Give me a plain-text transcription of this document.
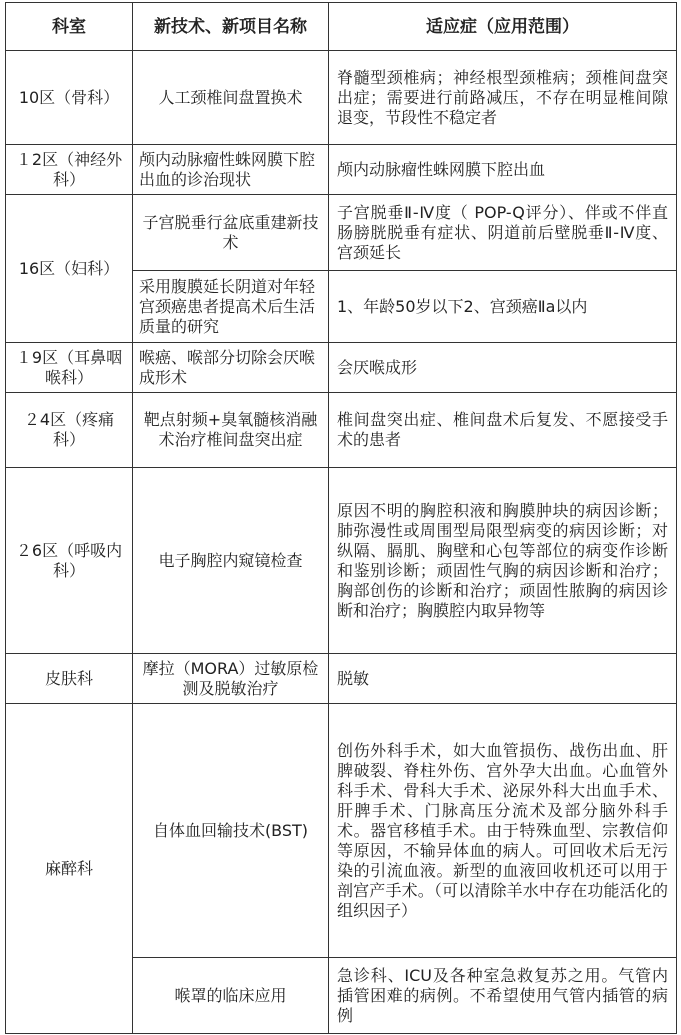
科室	新技术、新项目名称	适应症（应用范围）
10区（骨科）	人工颈椎间盘置换术	脊髓型颈椎病；神经根型颈椎病；颈椎间盘突出症；需要进行前路减压，不存在明显椎间隙退变，节段性不稳定者
１2区（神经外科）	颅内动脉瘤性蛛网膜下腔出血的诊治现状	颅内动脉瘤性蛛网膜下腔出血
16区（妇科）	子宫脱垂行盆底重建新技术	子宫脱垂Ⅱ-Ⅳ度（ POP-Q评分）、伴或不伴直肠膀胱脱垂有症状、阴道前后壁脱垂Ⅱ-Ⅳ度、宫颈延长
	采用腹膜延长阴道对年轻宫颈癌患者提高术后生活质量的研究	1、年龄50岁以下2、宫颈癌Ⅱa以内
１9区（耳鼻咽喉科）	喉癌、喉部分切除会厌喉成形术	会厌喉成形
２4区（疼痛科）	靶点射频+臭氧髓核消融术治疗椎间盘突出症	椎间盘突出症、椎间盘术后复发、不愿接受手术的患者
２6区（呼吸内科）	电子胸腔内窥镜检查	原因不明的胸腔积液和胸膜肿块的病因诊断；肺弥漫性或周围型局限型病变的病因诊断；对纵隔、膈肌、胸壁和心包等部位的病变作诊断和鉴别诊断；顽固性气胸的病因诊断和治疗；胸部创伤的诊断和治疗；顽固性脓胸的病因诊断和治疗；胸膜腔内取异物等
皮肤科	摩拉（MORA）过敏原检测及脱敏治疗	脱敏
麻醉科	自体血回输技术(BST)	创伤外科手术，如大血管损伤、战伤出血、肝脾破裂、脊柱外伤、宫外孕大出血。心血管外科手术、骨科大手术、泌尿外科大出血手术、肝脾手术、门脉高压分流术及部分脑外科手术。器官移植手术。由于特殊血型、宗教信仰等原因，不输异体血的病人。可回收术后无污染的引流血液。新型的血液回收机还可以用于剖宫产手术。（可以清除羊水中存在功能活化的组织因子）
	喉罩的临床应用	急诊科、ICU及各种室急救复苏之用。气管内插管困难的病例。不希望使用气管内插管的病例
